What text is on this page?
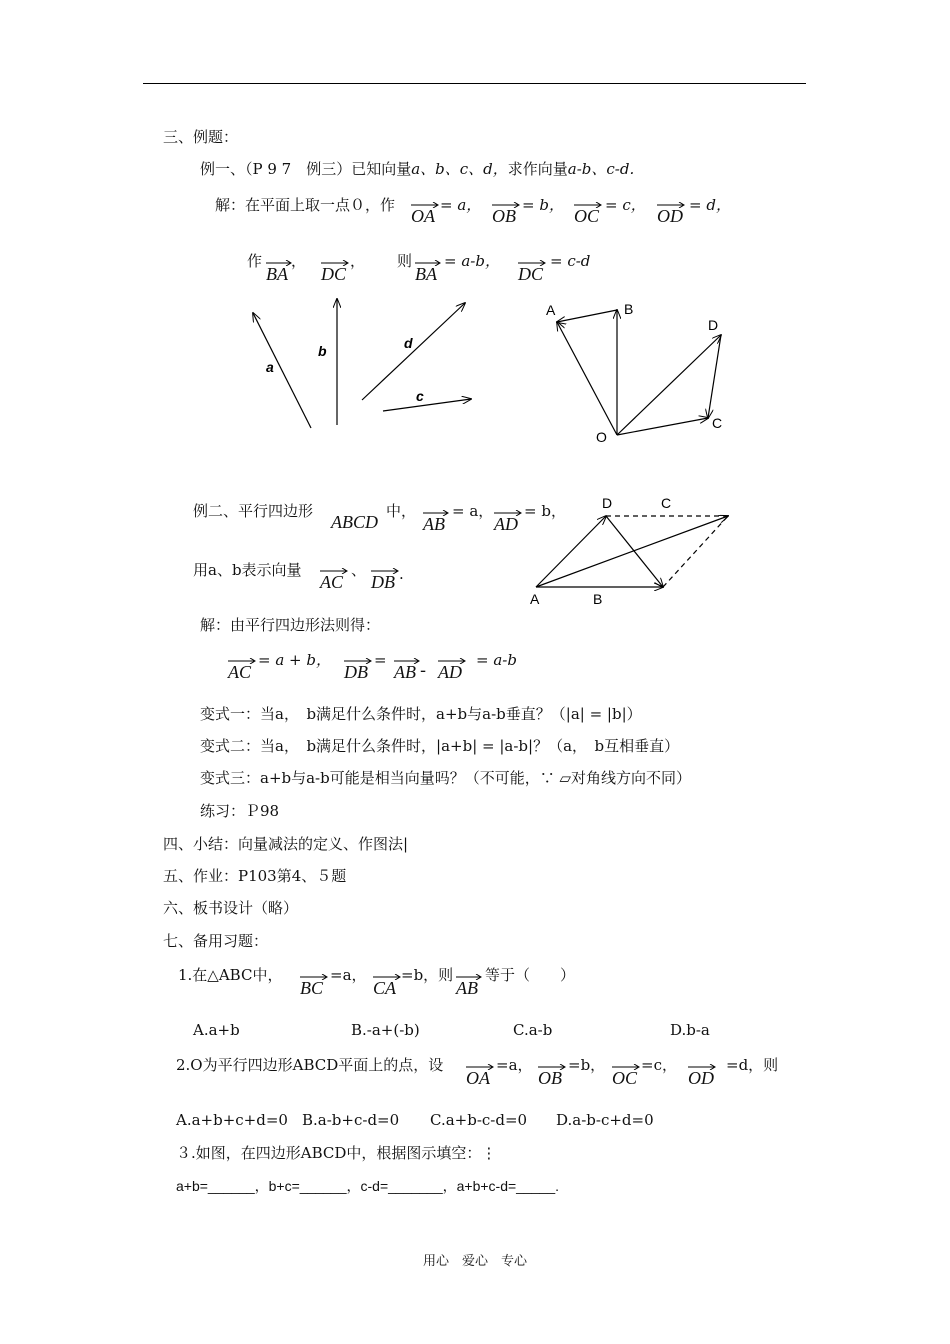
三、例题：
例一、（P 9 7　例三）已知向量a、b、c、d，求作向量a-b、c-d.
解：在平面上取一点０，作
OA
= a，
OB
= b，
OC
= c，
OD
= d，
作
BA
，
DC
， 则
BA
= a-b，
DC
= c-d
a
b	d
c
A	B
D
C
O
例二、平行四边形
ABCD
中，
AB
= a，
AD
= b，
用a、b表示向量
AC
、
DB .
A	B
C
D
解：由平行四边形法则得：
AC
= a + b，
DB
=
AB - AD
= a-b
变式一：当a，　b满足什么条件时，a+b与a-b垂直？（|a| = |b|）
变式二：当a，　b满足什么条件时，|a+b| = |a-b|？（a，　b互相垂直）
变式三：a+b与a-b可能是相当向量吗？（不可能，∵ ▱对角线方向不同）
练习：Ｐ98
四、小结：向量减法的定义、作图法|
五、作业：P103第4、５题
六、板书设计（略）
七、备用习题：
1.在△ABC中，
BC
=a，
CA
=b，则
AB
等于（　　）
A.a+b	B.-a+(-b)	C.a-b	D.b-a
2.O为平行四边形ABCD平面上的点，设
OA
=a，
OB
=b，
OC
=c，
OD
=d，则
A.a+b+c+d=0 B.a-b+c-d=0 C.a+b-c-d=0 D.a-b-c+d=0
３.如图，在四边形ABCD中，根据图示填空：⋮
a+b=______，b+c=______，c-d=_______，a+b+c-d=_____.
用心　爱心　专心
